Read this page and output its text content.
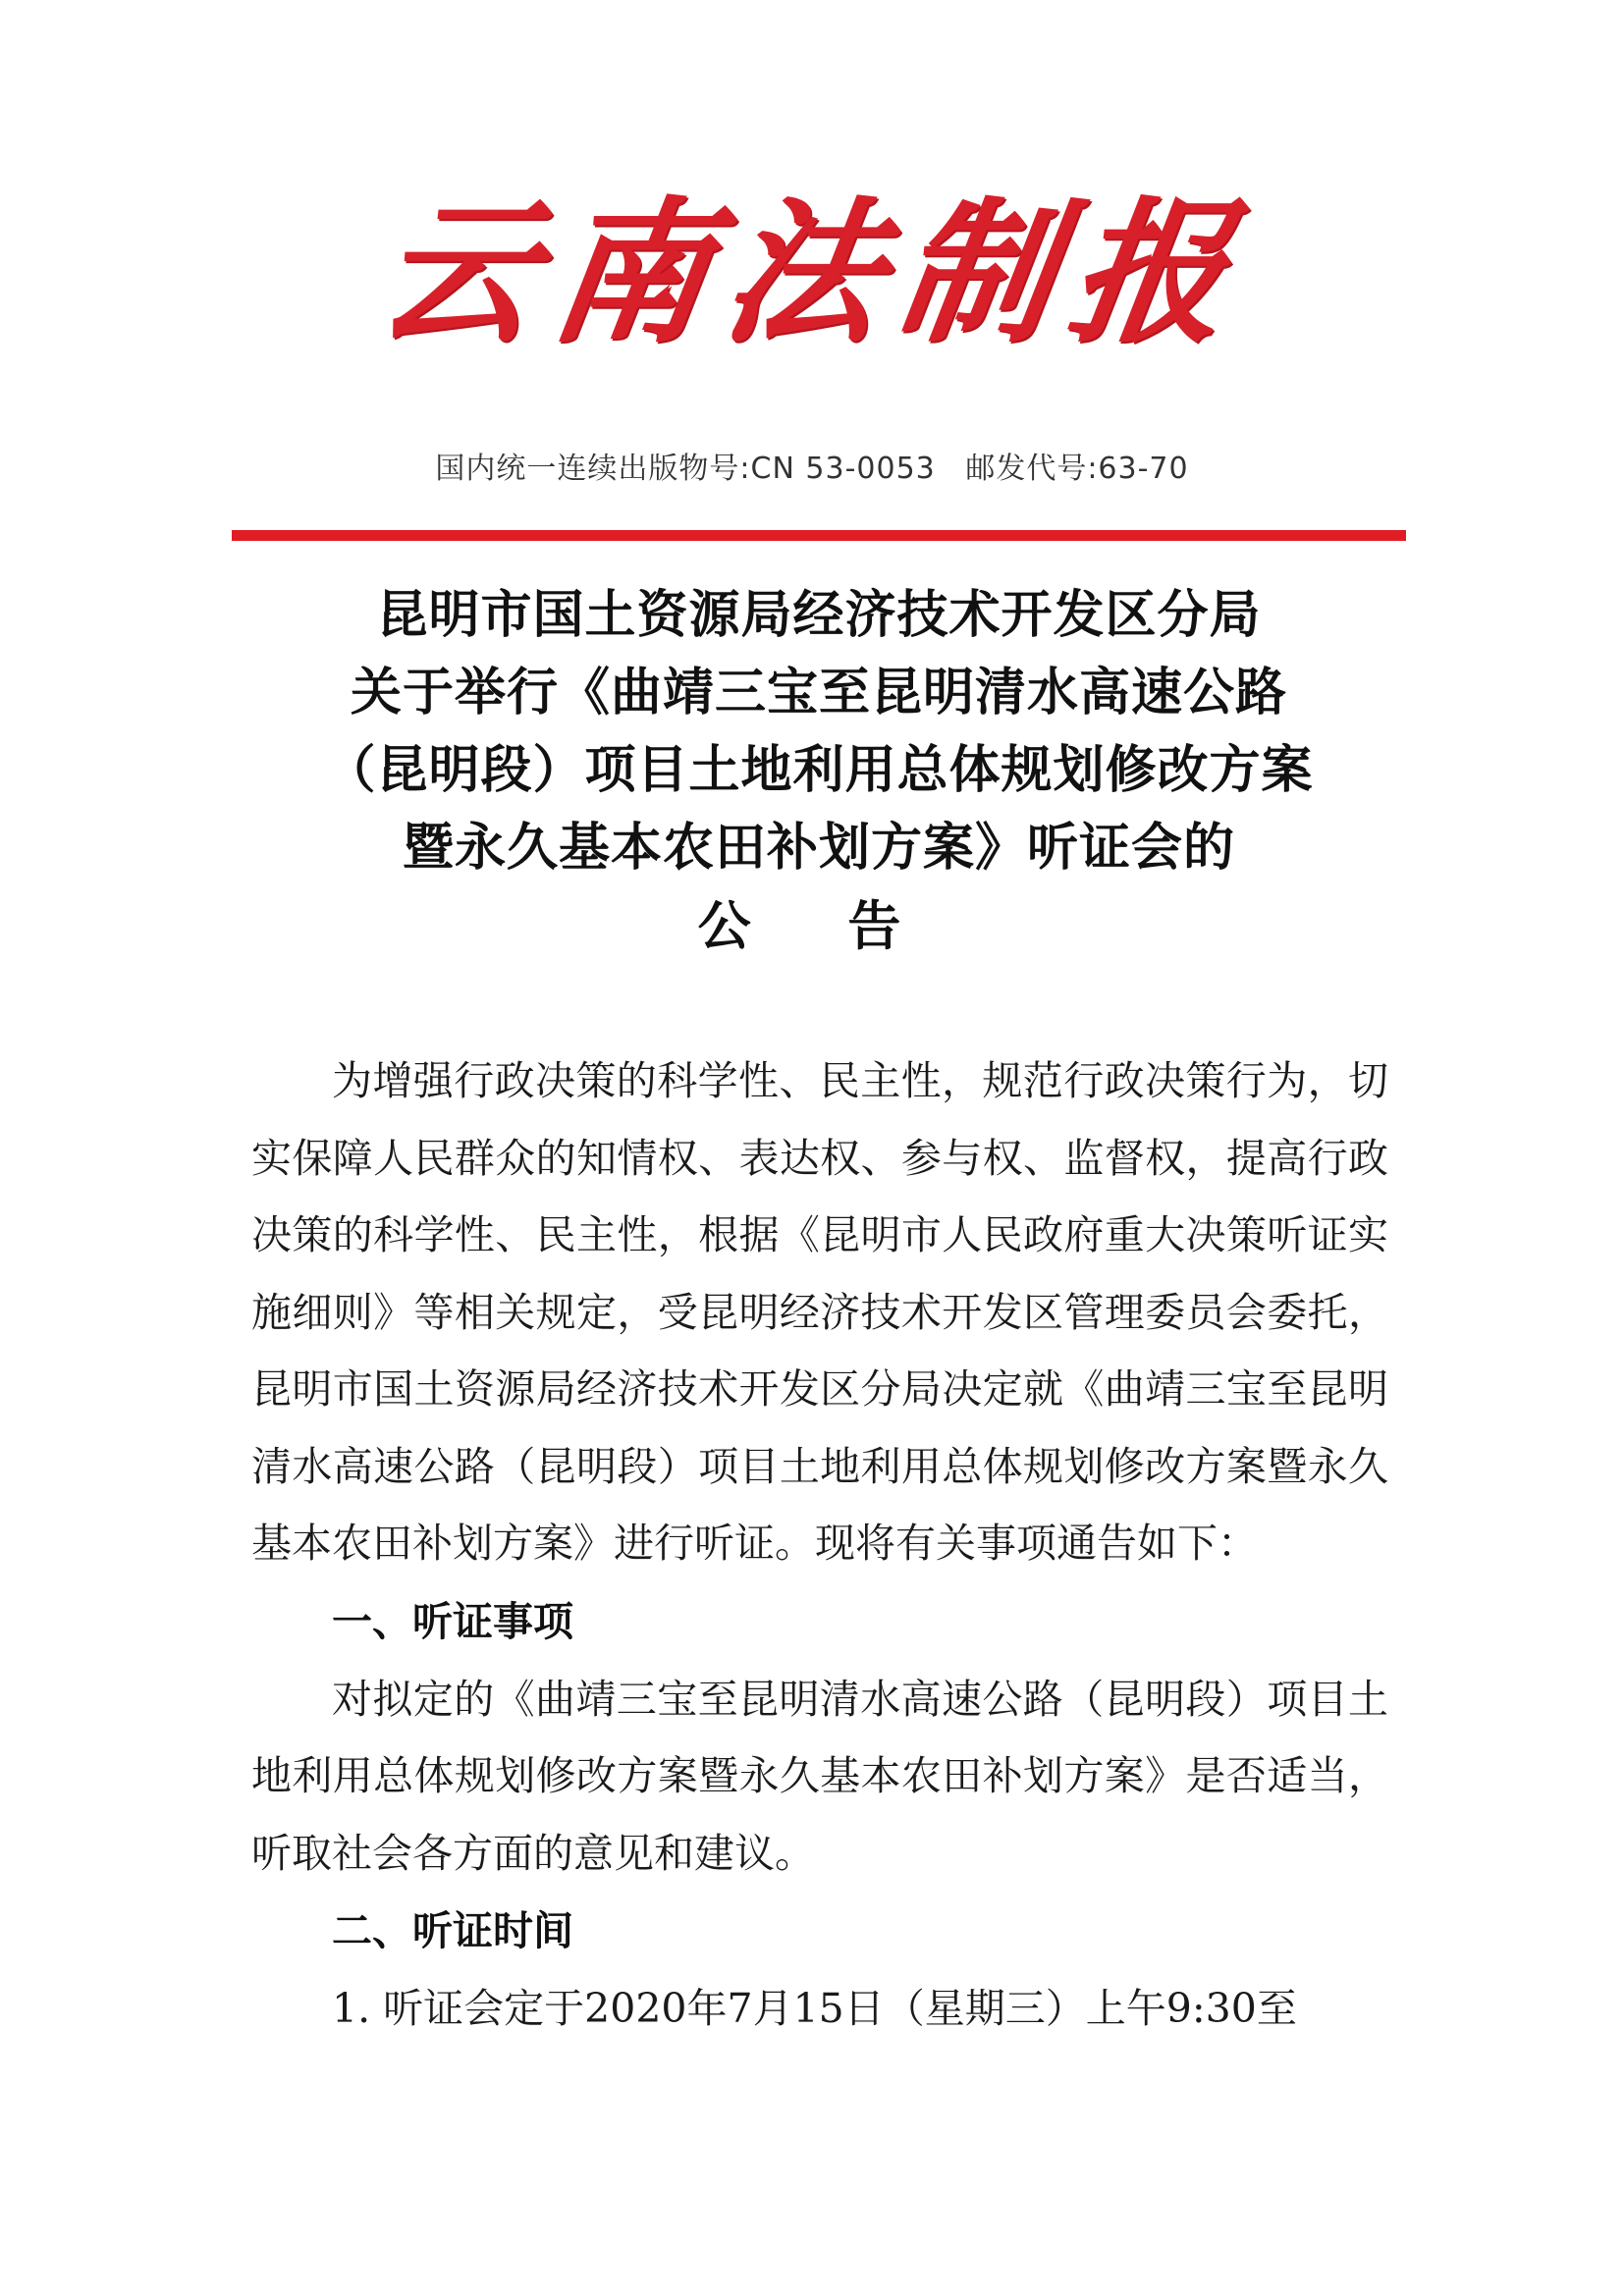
云南法制报
国内统一连续出版物号:CN 53-0053 邮发代号:63-70
昆明市国土资源局经济技术开发区分局
关于举行《曲靖三宝至昆明清水高速公路
（昆明段）项目土地利用总体规划修改方案
暨永久基本农田补划方案》听证会的
公 告

为增强行政决策的科学性、民主性，规范行政决策行为，切实保障人民群众的知情权、表达权、参与权、监督权，提高行政决策的科学性、民主性，根据《昆明市人民政府重大决策听证实施细则》等相关规定，受昆明经济技术开发区管理委员会委托，昆明市国土资源局经济技术开发区分局决定就《曲靖三宝至昆明清水高速公路（昆明段）项目土地利用总体规划修改方案暨永久基本农田补划方案》进行听证。现将有关事项通告如下：

一、听证事项

对拟定的《曲靖三宝至昆明清水高速公路（昆明段）项目土地利用总体规划修改方案暨永久基本农田补划方案》是否适当，听取社会各方面的意见和建议。

二、听证时间

1. 听证会定于2020年7月15日（星期三）上午9:30至
